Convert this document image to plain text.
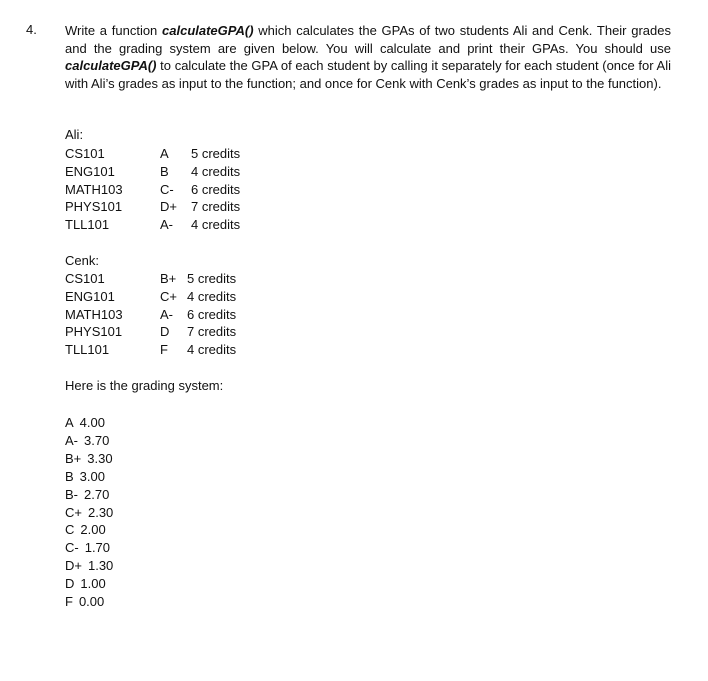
4. Write a function calculateGPA() which calculates the GPAs of two students Ali and Cenk. Their grades and the grading system are given below. You will calculate and print their GPAs. You should use calculateGPA() to calculate the GPA of each student by calling it separately for each student (once for Ali with Ali’s grades as input to the function; and once for Cenk with Cenk’s grades as input to the function).
Ali:
CS101	A 5 credits
ENG101	B 4 credits
MATH103	C- 6 credits
PHYS101	D+ 7 credits
TLL101	A- 4 credits
Cenk:
CS101	B+ 5 credits
ENG101	C+ 4 credits
MATH103	A- 6 credits
PHYS101	D 7 credits
TLL101	F 4 credits
Here is the grading system:
A 4.00
A- 3.70
B+ 3.30
B 3.00
B- 2.70
C+ 2.30
C 2.00
C- 1.70
D+ 1.30
D 1.00
F 0.00
